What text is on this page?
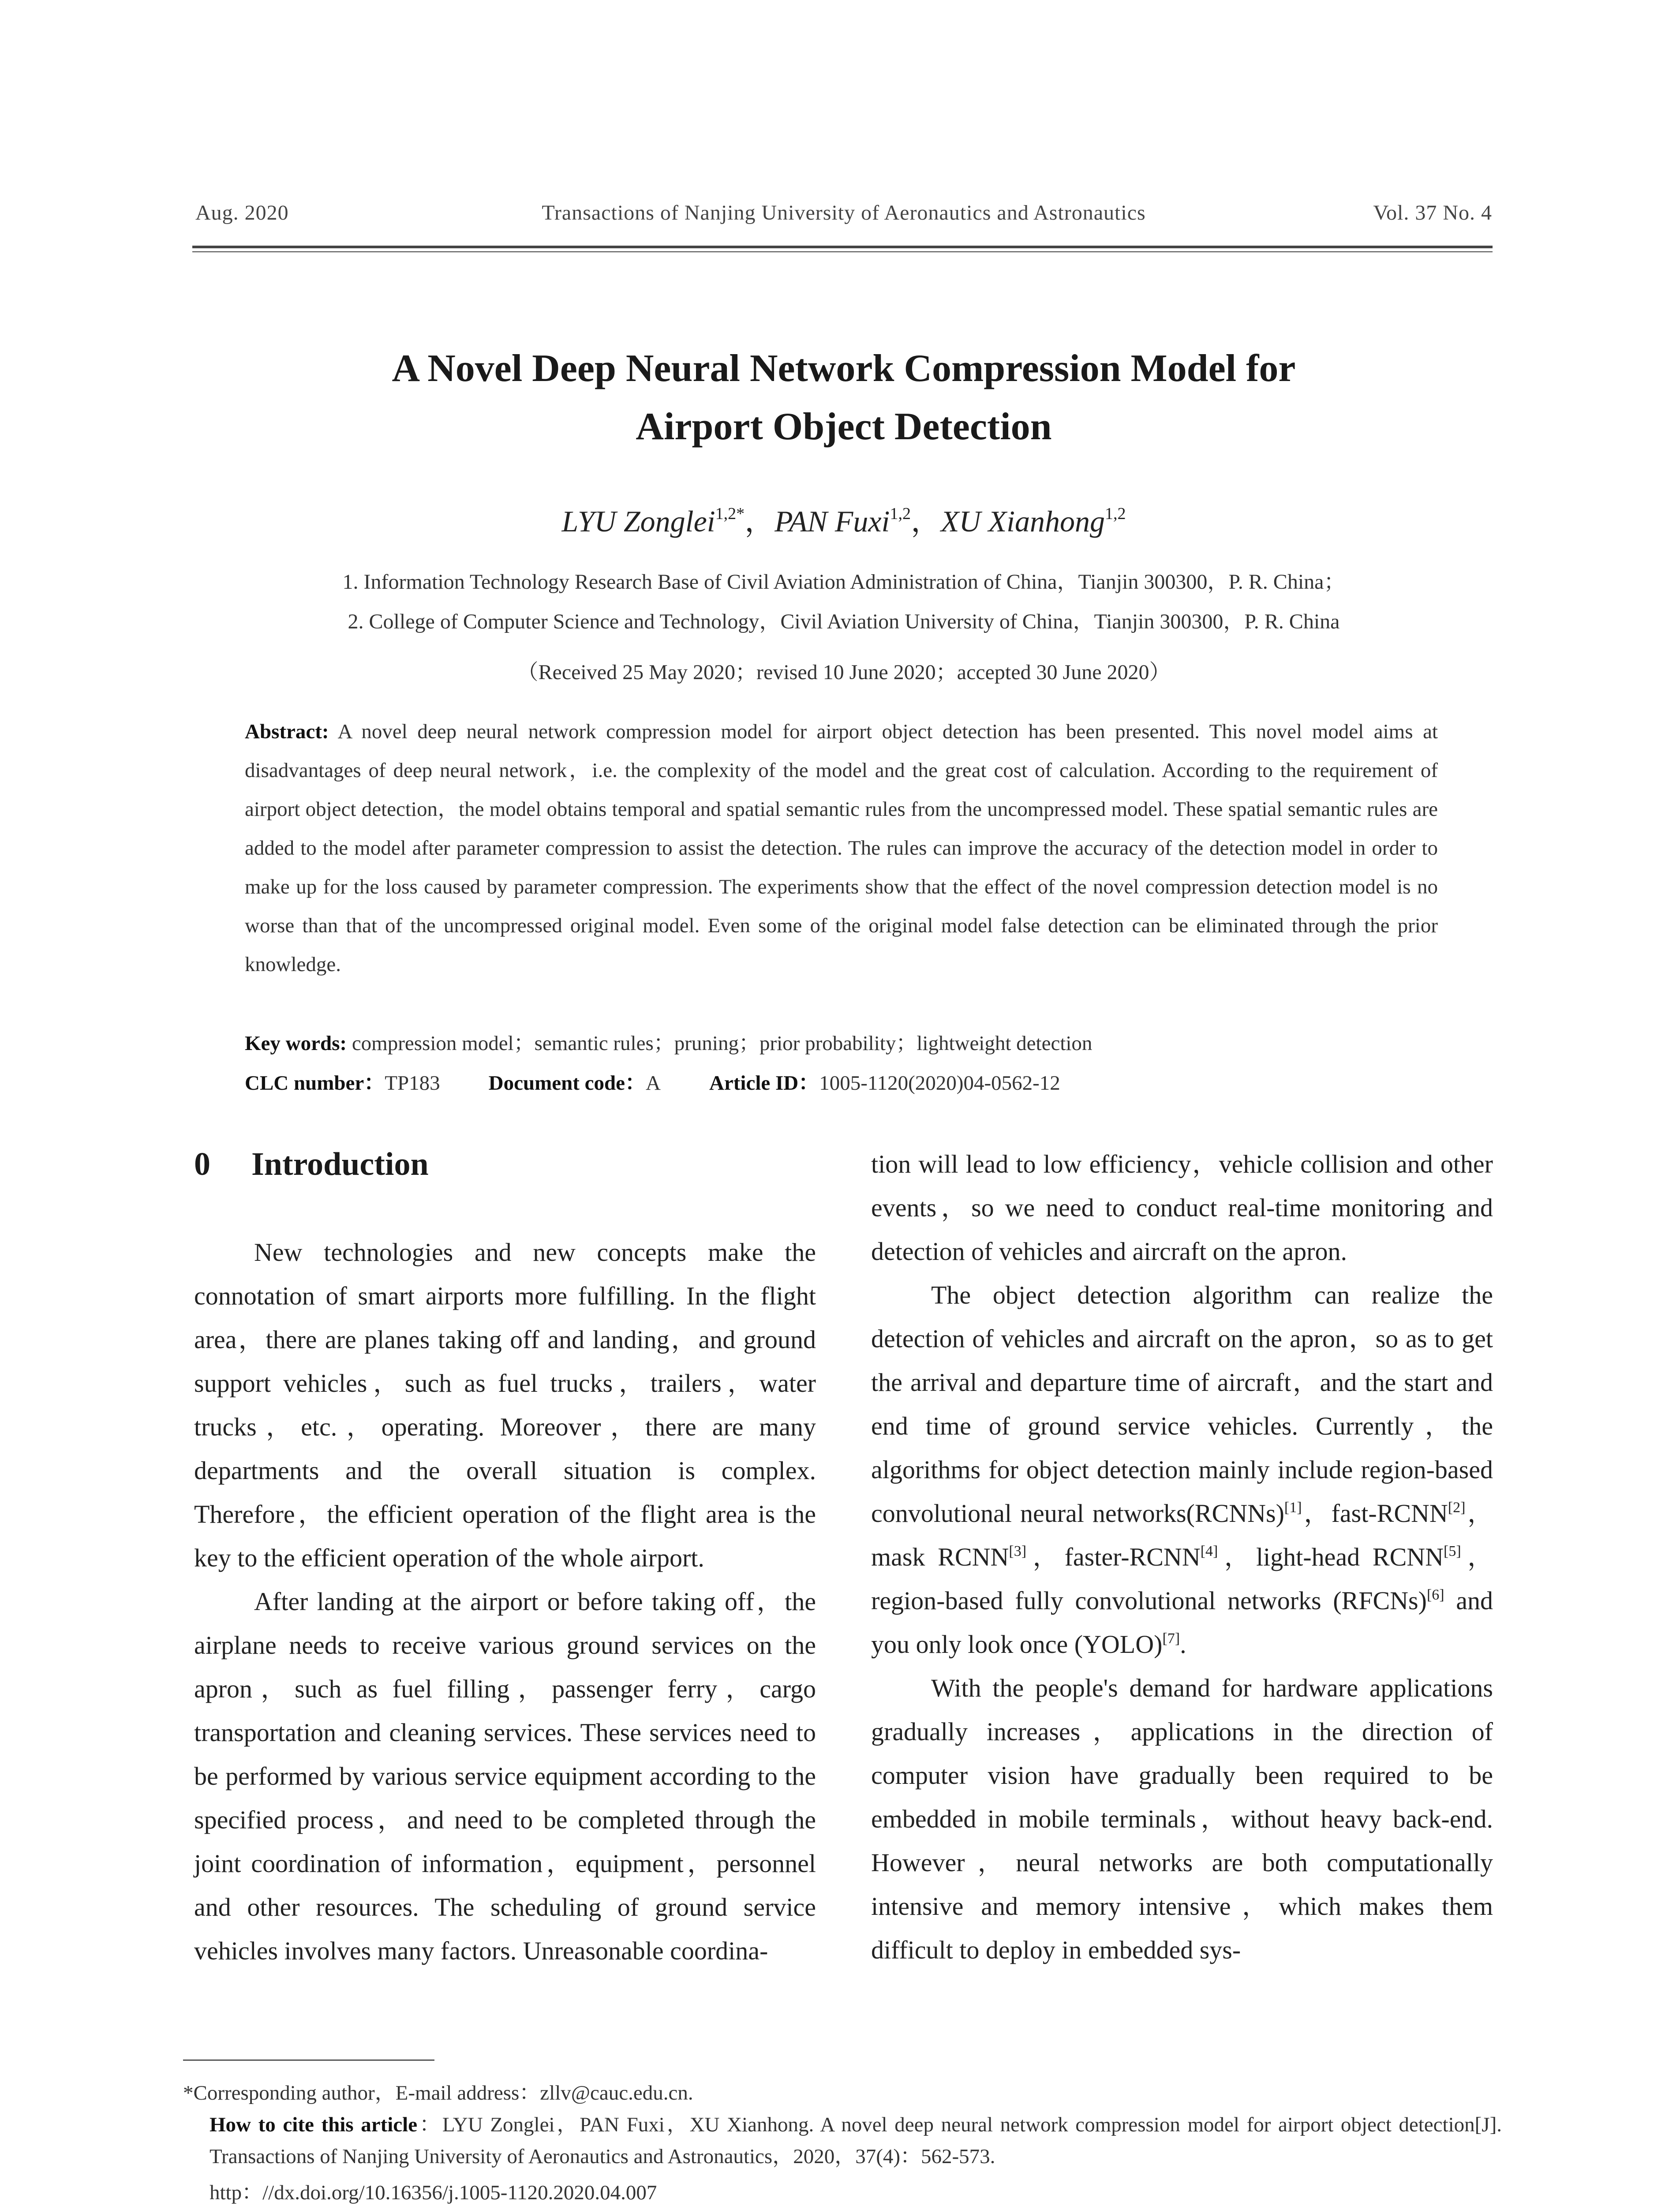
Aug. 2020	Transactions of Nanjing University of Aeronautics and Astronautics	Vol. 37 No. 4
A Novel Deep Neural Network Compression Model for
Airport Object Detection
LYU Zonglei$^{1,2*}$，PAN Fuxi$^{1,2}$，XU Xianhong$^{1,2}$
1. Information Technology Research Base of Civil Aviation Administration of China，Tianjin 300300，P. R. China；
2. College of Computer Science and Technology，Civil Aviation University of China，Tianjin 300300，P. R. China
（Received 25 May 2020；revised 10 June 2020；accepted 30 June 2020）
Abstract: A novel deep neural network compression model for airport object detection has been presented. This novel model aims at disadvantages of deep neural network，i.e. the complexity of the model and the great cost of calculation. According to the requirement of airport object detection，the model obtains temporal and spatial semantic rules from the uncompressed model. These spatial semantic rules are added to the model after parameter compression to assist the detection. The rules can improve the accuracy of the detection model in order to make up for the loss caused by parameter compression. The experiments show that the effect of the novel compression detection model is no worse than that of the uncompressed original model. Even some of the original model false detection can be eliminated through the prior knowledge.
Key words: compression model；semantic rules；pruning；prior probability；lightweight detection
CLC number：TP183 Document code：A Article ID：1005-1120(2020)04-0562-12
0 Introduction

New technologies and new concepts make the connotation of smart airports more fulfilling. In the flight area，there are planes taking off and landing，and ground support vehicles，such as fuel trucks，trailers，water trucks，etc.，operating. Moreover，there are many departments and the overall situation is complex. Therefore，the efficient operation of the flight area is the key to the efficient operation of the whole airport.

After landing at the airport or before taking off，the airplane needs to receive various ground services on the apron，such as fuel filling，passenger ferry，cargo transportation and cleaning services. These services need to be performed by various service equipment according to the specified process，and need to be completed through the joint coordination of information，equipment，personnel and other resources. The scheduling of ground service vehicles involves many factors. Unreasonable coordina-

tion will lead to low efficiency，vehicle collision and other events，so we need to conduct real-time monitoring and detection of vehicles and aircraft on the apron.

The object detection algorithm can realize the detection of vehicles and aircraft on the apron，so as to get the arrival and departure time of aircraft，and the start and end time of ground service vehicles. Currently，the algorithms for object detection mainly include region-based convolutional neural networks(RCNNs)[1]，fast-RCNN[2]，mask RCNN[3]，faster-RCNN[4]，light-head RCNN[5]，region-based fully convolutional networks (RFCNs)[6] and you only look once (YOLO)[7].

With the people's demand for hardware applications gradually increases，applications in the direction of computer vision have gradually been required to be embedded in mobile terminals，without heavy back-end. However，neural networks are both computationally intensive and memory intensive，which makes them difficult to deploy in embedded sys-

*Corresponding author，E-mail address：zllv@cauc.edu.cn.

How to cite this article：LYU Zonglei，PAN Fuxi，XU Xianhong. A novel deep neural network compression model for airport object detection[J]. Transactions of Nanjing University of Aeronautics and Astronautics，2020，37(4)：562-573.

http：//dx.doi.org/10.16356/j.1005-1120.2020.04.007
